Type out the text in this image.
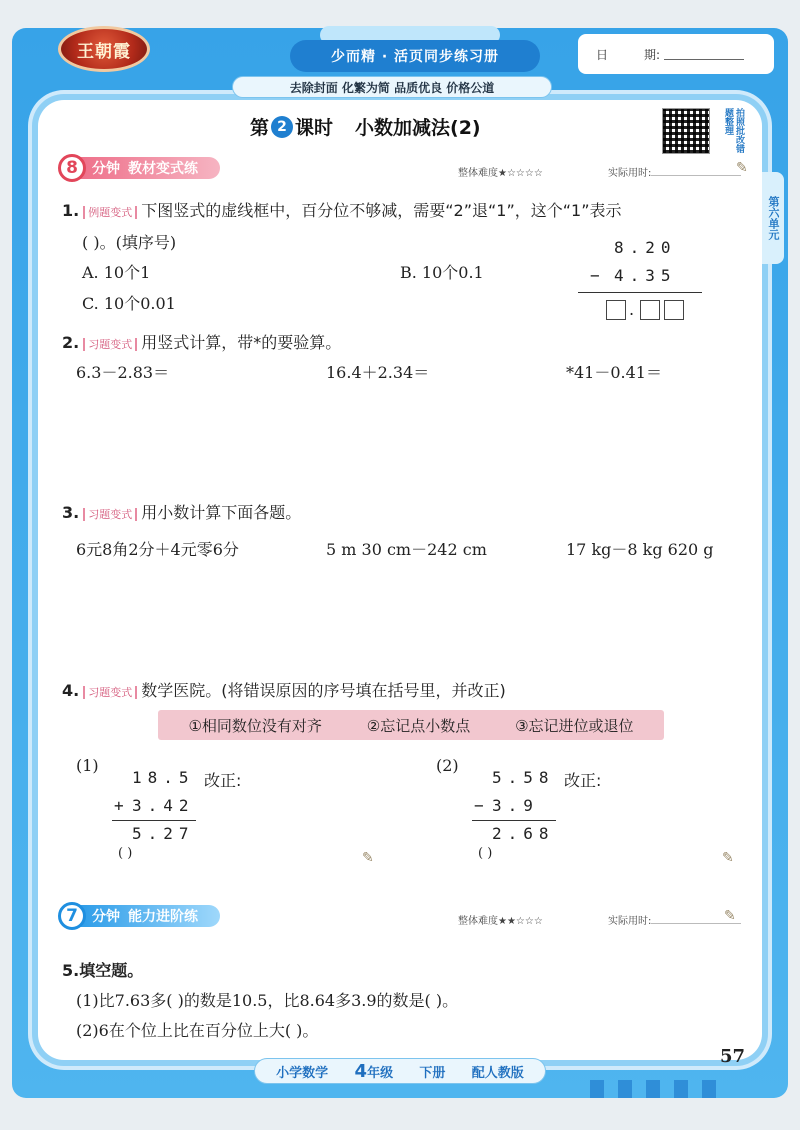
王朝霞	少而精 · 活页同步练习册
去除封面 化繁为简 品质优良 价格公道
日	期:
第六单元
第 2 课时 小数加减法(2)	拍照批改错题整理
8	分钟 教材变式练	整体难度★☆☆☆☆	实际用时:	✎
1. 例题变式 下图竖式的虚线框中，百分位不够减，需要“2”退“1”，这个“1”表示
( )。(填序号)
A. 10个1	B. 10个0.1
C. 10个0.01
8.20
− 4.35
.
2. 习题变式 用竖式计算，带*的要验算。
6.3－2.83＝	16.4＋2.34＝	*41－0.41＝
3. 习题变式 用小数计算下面各题。
6元8角2分＋4元零6分	5 m 30 cm－242 cm	17 kg－8 kg 620 g
4. 习题变式 数学医院。(将错误原因的序号填在括号里，并改正)
①相同数位没有对齐	②忘记点小数点	③忘记进位或退位
(1)
18.5 改正:
+ 3.42
5.27
( )	✎
(2)
5.58 改正:
− 3.9
2.68
( )	✎
7	分钟 能力进阶练	整体难度★★☆☆☆	实际用时:	✎
5.填空题。
(1)比7.63多( )的数是10.5，比8.64多3.9的数是( )。
(2)6在个位上比在百分位上大( )。
小学数学 4年级 下册 配人教版
57
